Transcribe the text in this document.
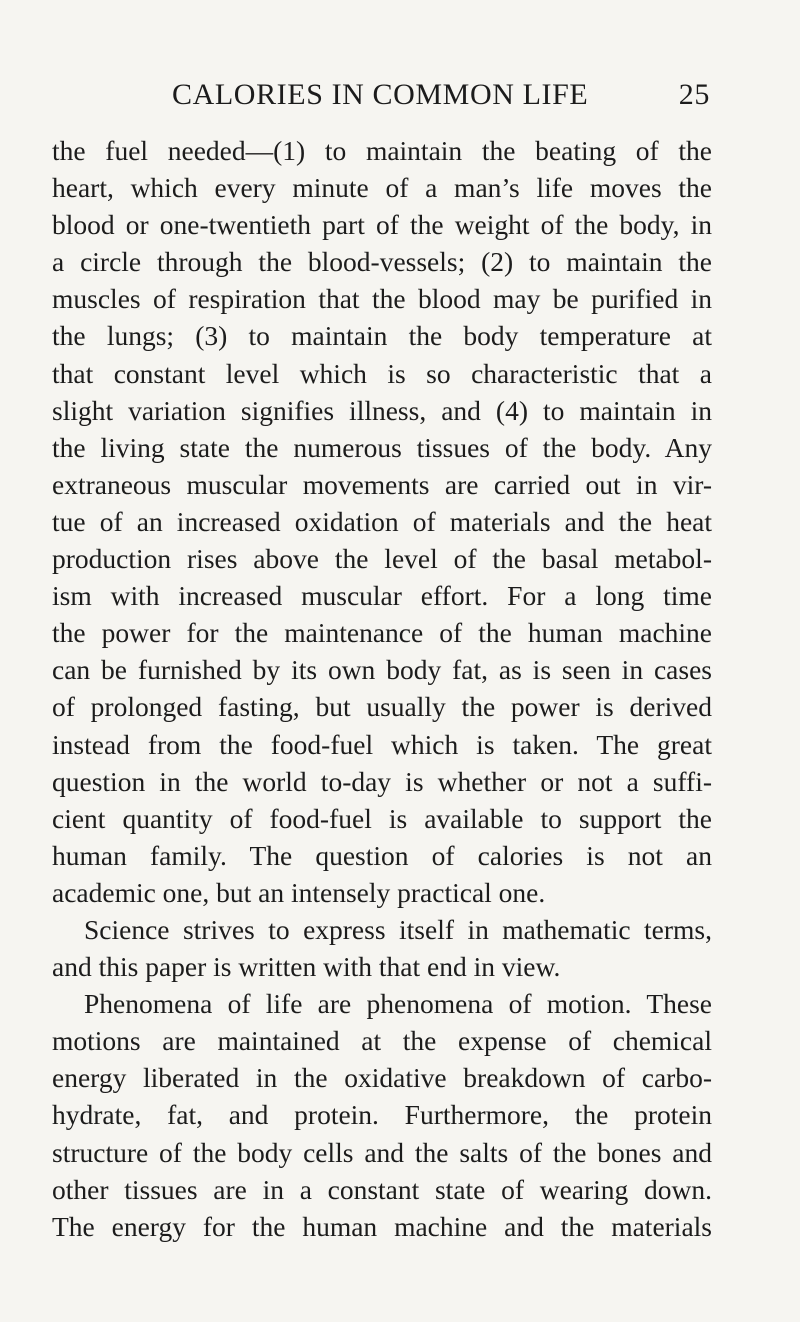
CALORIES IN COMMON LIFE	25
the fuel needed—(1) to maintain the beating of the
heart, which every minute of a man’s life moves the
blood or one-twentieth part of the weight of the body, in
a circle through the blood-vessels; (2) to maintain the
muscles of respiration that the blood may be purified in
the lungs; (3) to maintain the body temperature at
that constant level which is so characteristic that a
slight variation signifies illness, and (4) to maintain in
the living state the numerous tissues of the body. Any
extraneous muscular movements are carried out in vir-
tue of an increased oxidation of materials and the heat
production rises above the level of the basal metabol-
ism with increased muscular effort. For a long time
the power for the maintenance of the human machine
can be furnished by its own body fat, as is seen in cases
of prolonged fasting, but usually the power is derived
instead from the food-fuel which is taken. The great
question in the world to-day is whether or not a suffi-
cient quantity of food-fuel is available to support the
human family. The question of calories is not an
academic one, but an intensely practical one.
Science strives to express itself in mathematic terms,
and this paper is written with that end in view.
Phenomena of life are phenomena of motion. These
motions are maintained at the expense of chemical
energy liberated in the oxidative breakdown of carbo-
hydrate, fat, and protein. Furthermore, the protein
structure of the body cells and the salts of the bones and
other tissues are in a constant state of wearing down.
The energy for the human machine and the materials
